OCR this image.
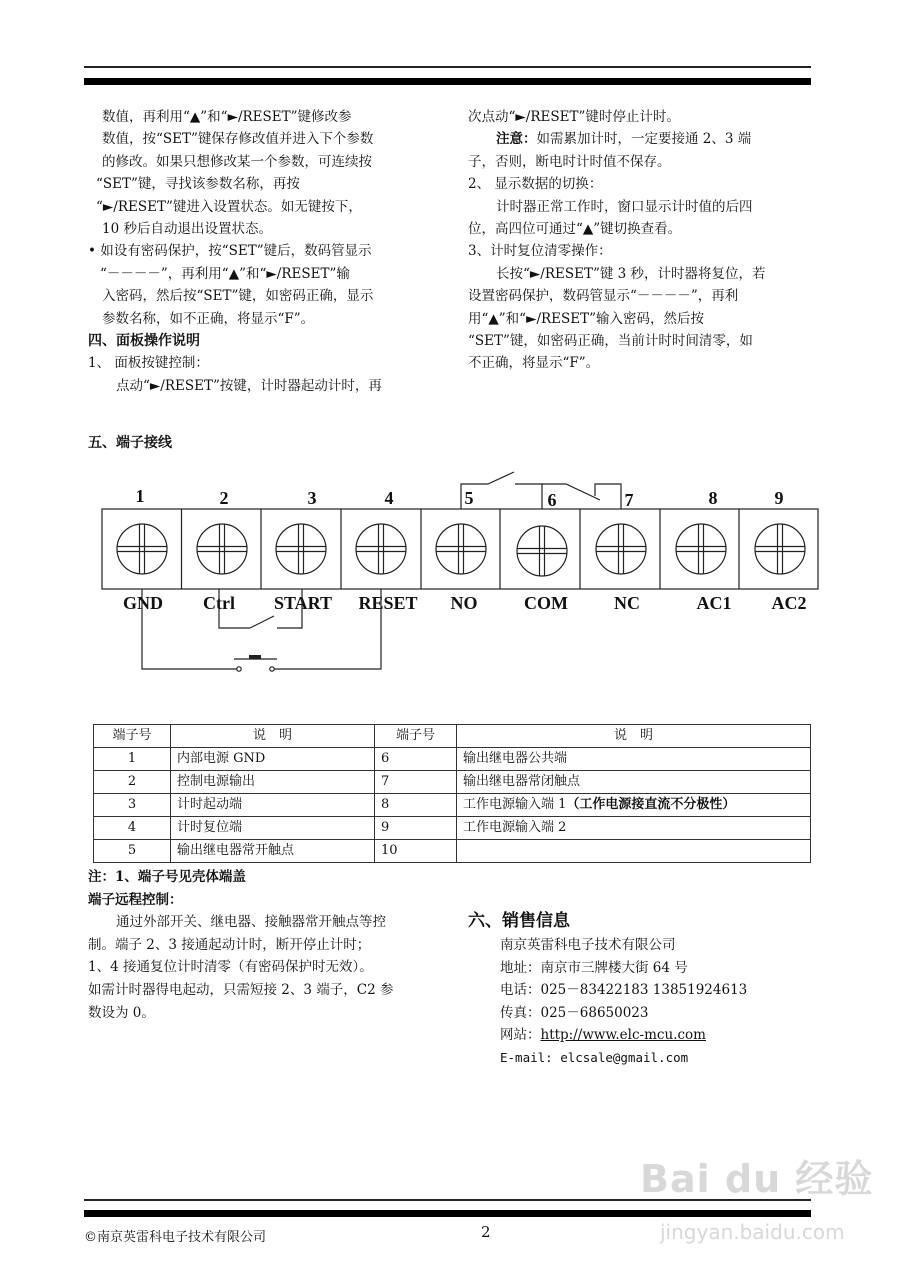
数值，再利用“▲”和“►/RESET”键修改参

数值，按“SET”键保存修改值并进入下个参数

的修改。如果只想修改某一个参数，可连续按

“SET”键，寻找该参数名称，再按

“►/RESET”键进入设置状态。如无键按下，

10 秒后自动退出设置状态。

• 如设有密码保护，按“SET”键后，数码管显示

“－－－－”，再利用“▲”和“►/RESET”输

入密码，然后按“SET”键，如密码正确，显示

参数名称，如不正确，将显示“F”。

四、面板操作说明

1、 面板按键控制：

点动“►/RESET”按键，计时器起动计时，再

次点动“►/RESET”键时停止计时。

注意：如需累加计时，一定要接通 2、3 端

子，否则，断电时计时值不保存。

2、 显示数据的切换：

计时器正常工作时，窗口显示计时值的后四

位，高四位可通过“▲”键切换查看。

3、计时复位清零操作：

长按“►/RESET”键 3 秒，计时器将复位，若

设置密码保护，数码管显示“－－－－”，再利

用“▲”和“►/RESET”输入密码，然后按

“SET”键，如密码正确，当前计时时间清零，如

不正确，将显示“F”。

五、端子接线
1	2	3	4	5	6	7	8	9
GND Ctrl START RESET NO	COM	NC	AC1 AC2
端子号	说　明	端子号	说　明
1	内部电源 GND	6	输出继电器公共端
2	控制电源输出	7	输出继电器常闭触点
3	计时起动端	8	工作电源输入端 1（工作电源接直流不分极性）
4	计时复位端	9	工作电源输入端 2
5	输出继电器常开触点	10	

注：1、端子号见壳体端盖

端子远程控制：

通过外部开关、继电器、接触器常开触点等控

制。端子 2、3 接通起动计时，断开停止计时；

1、4 接通复位计时清零（有密码保护时无效）。

如需计时器得电起动，只需短接 2、3 端子，C2 参

数设为 0。

六、销售信息
南京英雷科电子技术有限公司
地址：南京市三牌楼大街 64 号
电话：025－83422183 13851924613
传真：025－68650023
网站：http://www.elc-mcu.com
E-mail: elcsale@gmail.com
©南京英雷科电子技术有限公司	2
Bai du 经验
jingyan.baidu.com
